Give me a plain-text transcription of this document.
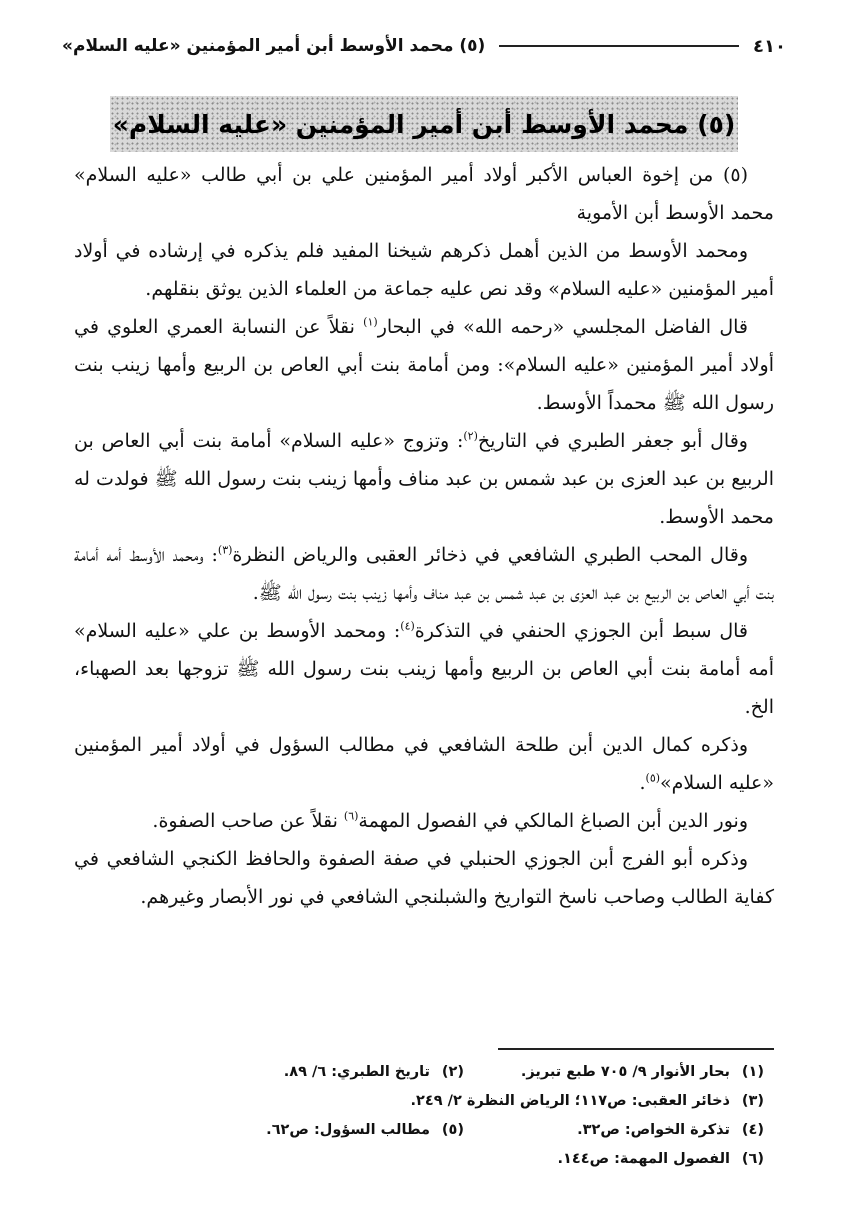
٤١٠
(٥) محمد الأوسط أبن أمير المؤمنين «عليه السلام»
(٥) محمد الأوسط أبن أمير المؤمنين «عليه السلام»

(٥) من إخوة العباس الأكبر أولاد أمير المؤمنين علي بن أبي طالب «عليه السلام» محمد الأوسط أبن الأموية

ومحمد الأوسط من الذين أهمل ذكرهم شيخنا المفيد فلم يذكره في إرشاده في أولاد أمير المؤمنين «عليه السلام» وقد نص عليه جماعة من العلماء الذين يوثق بنقلهم.

قال الفاضل المجلسي «رحمه الله» في البحار$^{(١)}$ نقلاً عن النسابة العمري العلوي في أولاد أمير المؤمنين «عليه السلام»: ومن أمامة بنت أبي العاص بن الربيع وأمها زينب بنت رسول الله ﷺ محمداً الأوسط.

وقال أبو جعفر الطبري في التاريخ$^{(٢)}$: وتزوج «عليه السلام» أمامة بنت أبي العاص بن الربيع بن عبد العزى بن عبد شمس بن عبد مناف وأمها زينب بنت رسول الله ﷺ فولدت له محمد الأوسط.

وقال المحب الطبري الشافعي في ذخائر العقبى والرياض النظرة$^{(٣)}$: ومحمد الأوسط أمه أمامة بنت أبي العاص بن الربيع بن عبد العزى بن عبد شمس بن عبد مناف وأمها زينب بنت رسول الله ﷺ.

قال سبط أبن الجوزي الحنفي في التذكرة$^{(٤)}$: ومحمد الأوسط بن علي «عليه السلام» أمه أمامة بنت أبي العاص بن الربيع وأمها زينب بنت رسول الله ﷺ تزوجها بعد الصهباء، الخ.

وذكره كمال الدين أبن طلحة الشافعي في مطالب السؤول في أولاد أمير المؤمنين «عليه السلام»$^{(٥)}$.

ونور الدين أبن الصباغ المالكي في الفصول المهمة$^{(٦)}$ نقلاً عن صاحب الصفوة.

وذكره أبو الفرج أبن الجوزي الحنبلي في صفة الصفوة والحافظ الكنجي الشافعي في كفاية الطالب وصاحب ناسخ التواريخ والشبلنجي الشافعي في نور الأبصار وغيرهم.

(١)بحار الأنوار ٩/ ٧٠٥ طبع تبريز.
(٢)تاريخ الطبري: ٦/ ٨٩.
(٣)ذخائر العقبى: ص١١٧؛ الرياض النظرة ٢/ ٢٤٩.
(٤)تذكرة الخواص: ص٣٢.
(٥)مطالب السؤول: ص٦٢.
(٦)الفصول المهمة: ص١٤٤.
